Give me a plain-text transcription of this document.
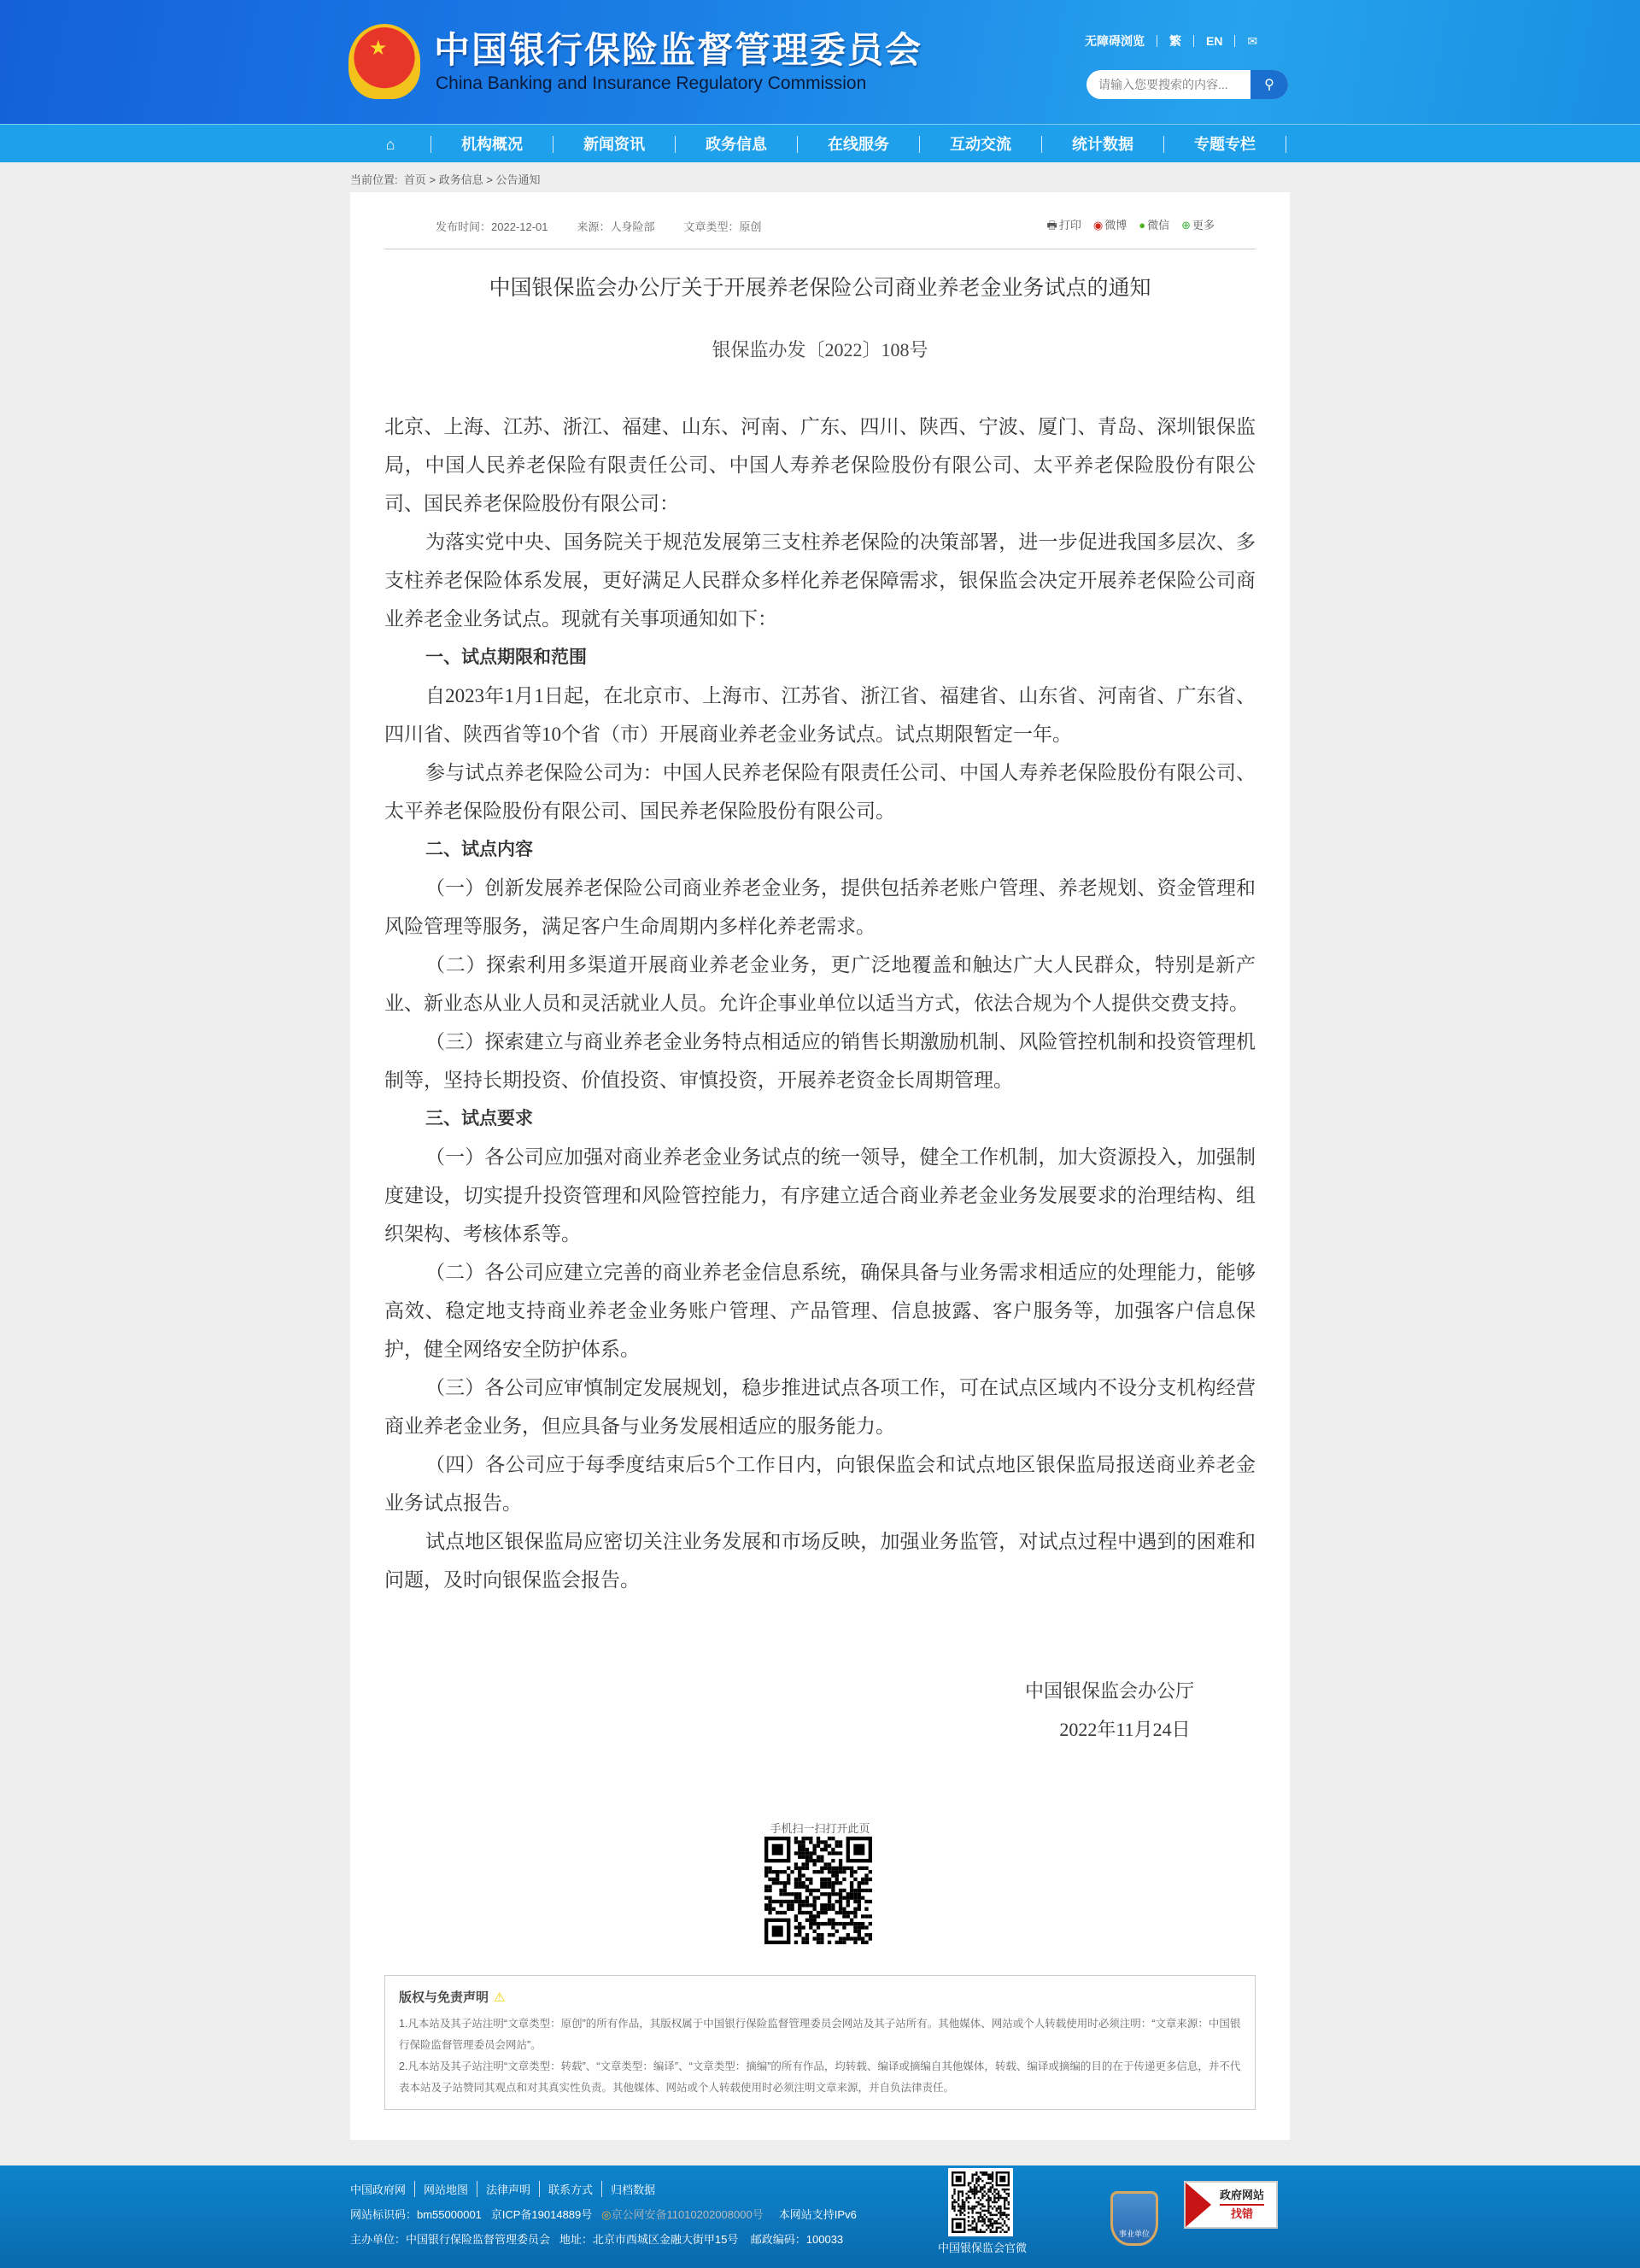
★ 中国银行保险监督管理委员会
China Banking and Insurance Regulatory Commission
无障碍浏览 繁 EN ✉
请输入您要搜索的内容...
⚲
⌂	机构概况	新闻资讯	政务信息	在线服务	互动交流	统计数据	专题专栏
当前位置: 首页 > 政务信息 > 公告通知
发布时间：2022-12-01	来源：人身险部	文章类型：原创	🖶 打印 ◉ 微博 ● 微信 ⊕ 更多
中国银保监会办公厅关于开展养老保险公司商业养老金业务试点的通知
银保监办发〔2022〕108号

北京、上海、江苏、浙江、福建、山东、河南、广东、四川、陕西、宁波、厦门、青岛、深圳银保监局，中国人民养老保险有限责任公司、中国人寿养老保险股份有限公司、太平养老保险股份有限公司、国民养老保险股份有限公司：

为落实党中央、国务院关于规范发展第三支柱养老保险的决策部署，进一步促进我国多层次、多支柱养老保险体系发展，更好满足人民群众多样化养老保障需求，银保监会决定开展养老保险公司商业养老金业务试点。现就有关事项通知如下：

一、试点期限和范围

自2023年1月1日起，在北京市、上海市、江苏省、浙江省、福建省、山东省、河南省、广东省、四川省、陕西省等10个省（市）开展商业养老金业务试点。试点期限暂定一年。

参与试点养老保险公司为：中国人民养老保险有限责任公司、中国人寿养老保险股份有限公司、太平养老保险股份有限公司、国民养老保险股份有限公司。

二、试点内容

（一）创新发展养老保险公司商业养老金业务，提供包括养老账户管理、养老规划、资金管理和风险管理等服务，满足客户生命周期内多样化养老需求。

（二）探索利用多渠道开展商业养老金业务，更广泛地覆盖和触达广大人民群众，特别是新产业、新业态从业人员和灵活就业人员。允许企事业单位以适当方式，依法合规为个人提供交费支持。

（三）探索建立与商业养老金业务特点相适应的销售长期激励机制、风险管控机制和投资管理机制等，坚持长期投资、价值投资、审慎投资，开展养老资金长周期管理。

三、试点要求

（一）各公司应加强对商业养老金业务试点的统一领导，健全工作机制，加大资源投入，加强制度建设，切实提升投资管理和风险管控能力，有序建立适合商业养老金业务发展要求的治理结构、组织架构、考核体系等。

（二）各公司应建立完善的商业养老金信息系统，确保具备与业务需求相适应的处理能力，能够高效、稳定地支持商业养老金业务账户管理、产品管理、信息披露、客户服务等，加强客户信息保护，健全网络安全防护体系。

（三）各公司应审慎制定发展规划，稳步推进试点各项工作，可在试点区域内不设分支机构经营商业养老金业务，但应具备与业务发展相适应的服务能力。

（四）各公司应于每季度结束后5个工作日内，向银保监会和试点地区银保监局报送商业养老金业务试点报告。

试点地区银保监局应密切关注业务发展和市场反映，加强业务监管，对试点过程中遇到的困难和问题，及时向银保监会报告。

中国银保监会办公厅
2022年11月24日
手机扫一扫打开此页
版权与免责声明 ⚠
1.凡本站及其子站注明“文章类型：原创”的所有作品，其版权属于中国银行保险监督管理委员会网站及其子站所有。其他媒体、网站或个人转载使用时必须注明：“文章来源：中国银行保险监督管理委员会网站”。
2.凡本站及其子站注明“文章类型：转载”、“文章类型：编译”、“文章类型：摘编”的所有作品，均转载、编译或摘编自其他媒体，转载、编译或摘编的目的在于传递更多信息，并不代表本站及子站赞同其观点和对其真实性负责。其他媒体、网站或个人转载使用时必须注明文章来源，并自负法律责任。
中国政府网	网站地图	法律声明	联系方式	归档数据
网站标识码：bm55000001 京ICP备19014889号 ◎京公网安备11010202008000号 本网站支持IPv6
主办单位：中国银行保险监督管理委员会 地址：北京市西城区金融大街甲15号 邮政编码：100033
中国银保监会官微
事业单位
政府网站
找错
